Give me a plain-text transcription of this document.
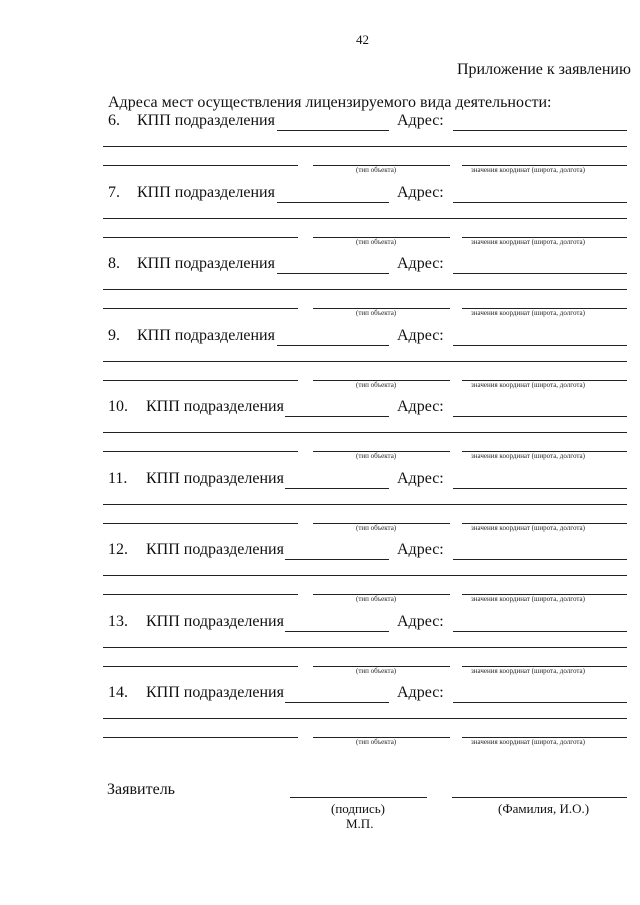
42
Приложение к заявлению
Адреса мест осуществления лицензируемого вида деятельности:
6. КПП подразделения	Адрес:
(тип объекта)	значения координат (широта, долгота)
7. КПП подразделения	Адрес:
(тип объекта)	значения координат (широта, долгота)
8. КПП подразделения	Адрес:
(тип объекта)	значения координат (широта, долгота)
9. КПП подразделения	Адрес:
(тип объекта)	значения координат (широта, долгота)
10. КПП подразделения	Адрес:
(тип объекта)	значения координат (широта, долгота)
11. КПП подразделения	Адрес:
(тип объекта)	значения координат (широта, долгота)
12. КПП подразделения	Адрес:
(тип объекта)	значения координат (широта, долгота)
13. КПП подразделения	Адрес:
(тип объекта)	значения координат (широта, долгота)
14. КПП подразделения	Адрес:
(тип объекта)	значения координат (широта, долгота)
Заявитель
(подпись)	(Фамилия, И.О.)
М.П.
